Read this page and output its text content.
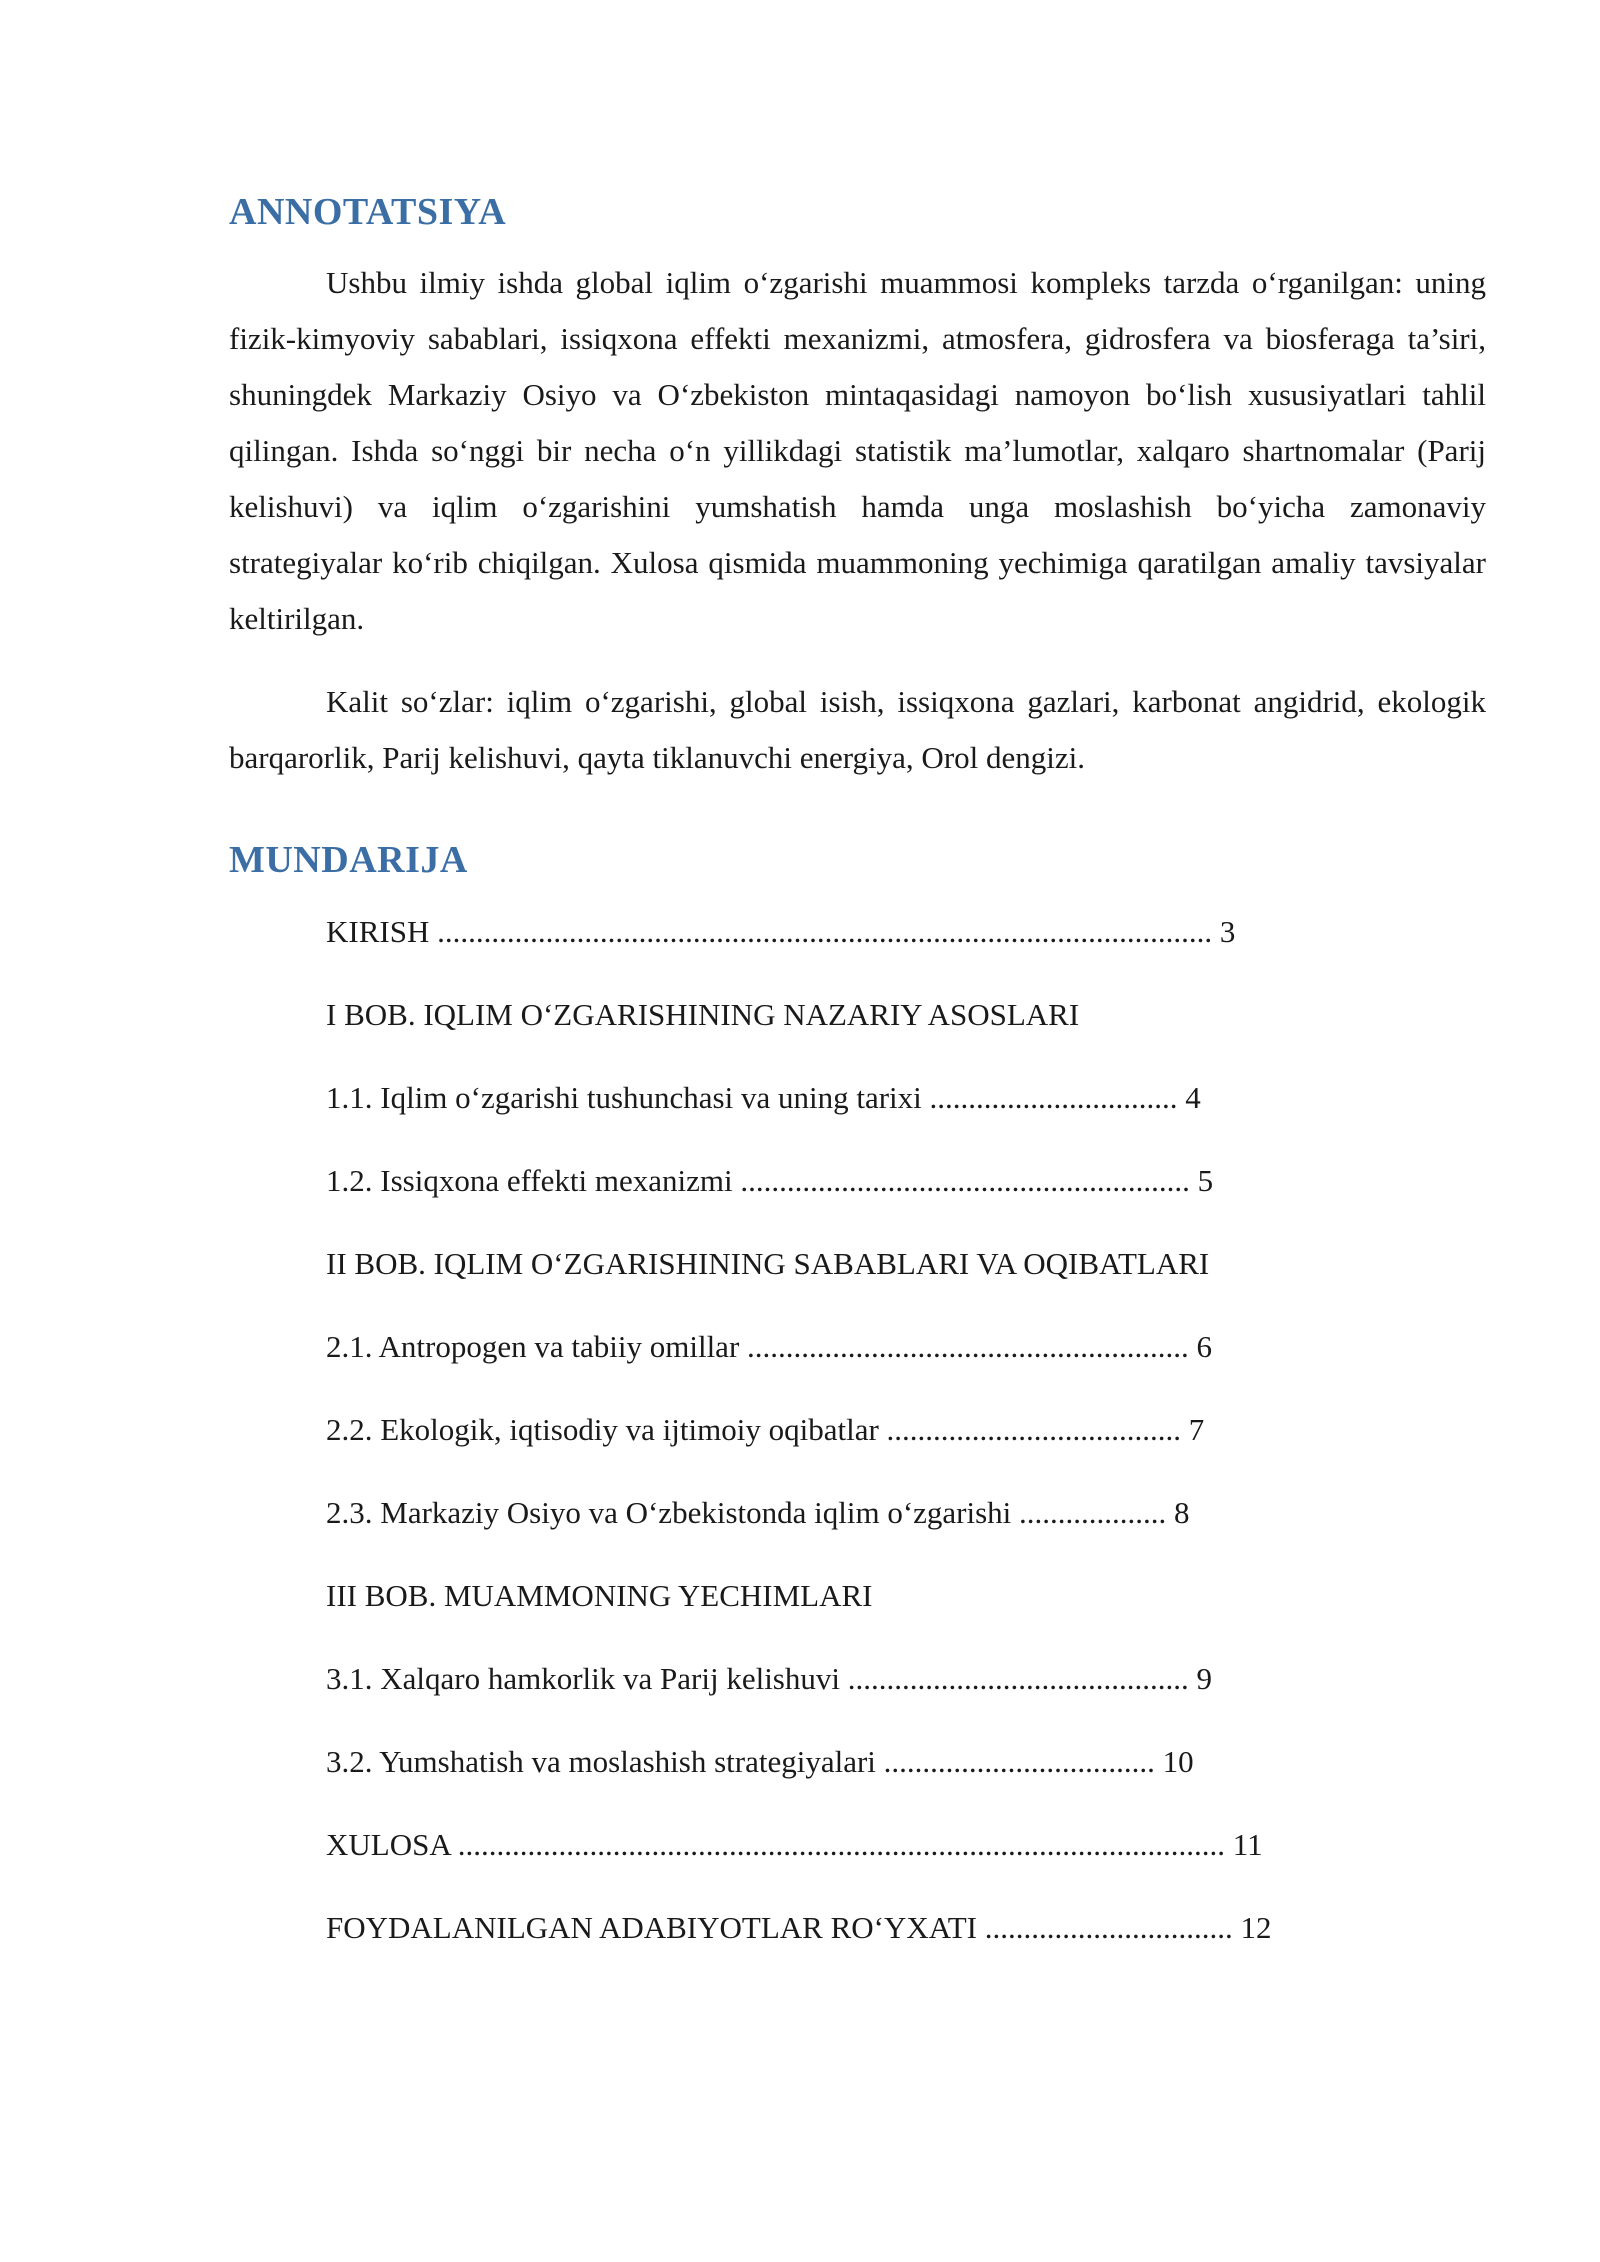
ANNOTATSIYA

Ushbu ilmiy ishda global iqlim o‘zgarishi muammosi kompleks tarzda o‘rganilgan: uning fizik-kimyoviy sabablari, issiqxona effekti mexanizmi, atmosfera, gidrosfera va biosferaga ta’siri, shuningdek Markaziy Osiyo va O‘zbekiston mintaqasidagi namoyon bo‘lish xususiyatlari tahlil qilingan. Ishda so‘nggi bir necha o‘n yillikdagi statistik ma’lumotlar, xalqaro shartnomalar (Parij kelishuvi) va iqlim o‘zgarishini yumshatish hamda unga moslashish bo‘yicha zamonaviy strategiyalar ko‘rib chiqilgan. Xulosa qismida muammoning yechimiga qaratilgan amaliy tavsiyalar keltirilgan.

Kalit so‘zlar: iqlim o‘zgarishi, global isish, issiqxona gazlari, karbonat angidrid, ekologik barqarorlik, Parij kelishuvi, qayta tiklanuvchi energiya, Orol dengizi.

MUNDARIJA
KIRISH .................................................................................................... 3
I BOB. IQLIM O‘ZGARISHINING NAZARIY ASOSLARI
1.1. Iqlim o‘zgarishi tushunchasi va uning tarixi ................................ 4
1.2. Issiqxona effekti mexanizmi .......................................................... 5
II BOB. IQLIM O‘ZGARISHINING SABABLARI VA OQIBATLARI
2.1. Antropogen va tabiiy omillar ......................................................... 6
2.2. Ekologik, iqtisodiy va ijtimoiy oqibatlar ...................................... 7
2.3. Markaziy Osiyo va O‘zbekistonda iqlim o‘zgarishi ................... 8
III BOB. MUAMMONING YECHIMLARI
3.1. Xalqaro hamkorlik va Parij kelishuvi ............................................ 9
3.2. Yumshatish va moslashish strategiyalari ................................... 10
XULOSA ................................................................................................... 11
FOYDALANILGAN ADABIYOTLAR RO‘YXATI ................................ 12
